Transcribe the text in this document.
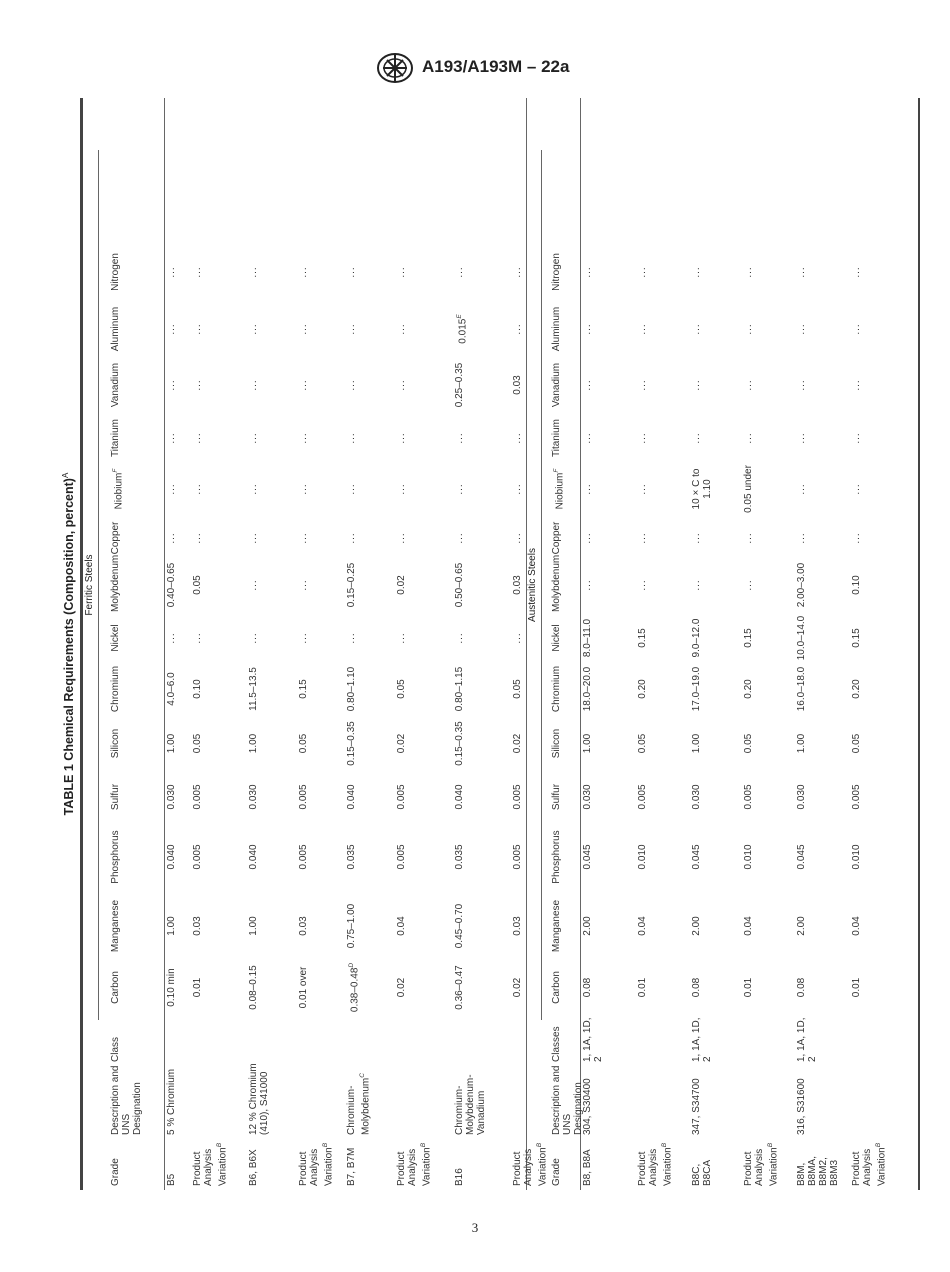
A193/A193M – 22a
TABLE 1 Chemical Requirements (Composition, percent)$^A$
Ferritic Steels	Austenitic Steels
Grade
Description and UNS Designation
Class
Carbon
Manganese
Phosphorus
Sulfur
Silicon
Chromium
Nickel
Molybdenum
Copper
Niobium$^F$
Titanium
Vanadium
Aluminum
Nitrogen
Grade
Description and UNS Designation
Classes
Carbon
Manganese
Phosphorus
Sulfur
Silicon
Chromium
Nickel
Molybdenum
Copper
Niobium$^F$
Titanium
Vanadium
Aluminum
Nitrogen
B5
5 % Chromium
0.10 min
1.00
0.040
0.030
1.00
4.0–6.0
...
0.40–0.65
...
...
...
...
...
...
Product Analysis Variation$^B$
0.01
0.03
0.005
0.005
0.05
0.10
...
0.05
...
...
...
...
...
...
B6, B6X
12 % Chromium (410), S41000
0.08–0.15
1.00
0.040
0.030
1.00
11.5–13.5
...
...
...
...
...
...
...
...
Product Analysis Variation$^B$
0.01 over
0.03
0.005
0.005
0.05
0.15
...
...
...
...
...
...
...
...
B7, B7M
Chromium-Molybdenum$^C$
$0.38-0.48^D$
0.75–1.00
0.035
0.040
0.15–0.35
0.80–1.10
...
0.15–0.25
...
...
...
...
...
...
Product Analysis Variation$^B$
0.02
0.04
0.005
0.005
0.02
0.05
...
0.02
...
...
...
...
...
...
B16
Chromium-Molybdenum-Vanadium
0.36–0.47
0.45–0.70
0.035
0.040
0.15–0.35
0.80–1.15
...
0.50–0.65
...
...
...
0.25–0.35
$0.015^E$
...
Product Analysis Variation$^B$
0.02
0.03
0.005
0.005
0.02
0.05
...
0.03
...
...
...
0.03
...
...
B8, B8A
304, S30400
1, 1A, 1D, 2
0.08
2.00
0.045
0.030
1.00
18.0–20.0
8.0–11.0
...
...
...
...
...
...
...
Product Analysis Variation$^B$
0.01
0.04
0.010
0.005
0.05
0.20
0.15
...
...
...
...
...
...
...
B8C, B8CA
347, S34700
1, 1A, 1D, 2
0.08
2.00
0.045
0.030
1.00
17.0–19.0
9.0–12.0
...
...
10 × C to 1.10
...
...
...
...
Product Analysis Variation$^B$
0.01
0.04
0.010
0.005
0.05
0.20
0.15
...
...
0.05 under
...
...
...
...
B8M, B8MA, B8M2, B8M3
316, S31600
1, 1A, 1D, 2
0.08
2.00
0.045
0.030
1.00
16.0–18.0
10.0–14.0
2.00–3.00
...
...
...
...
...
...
Product Analysis Variation$^B$
0.01
0.04
0.010
0.005
0.05
0.20
0.15
0.10
...
...
...
...
...
...
3
